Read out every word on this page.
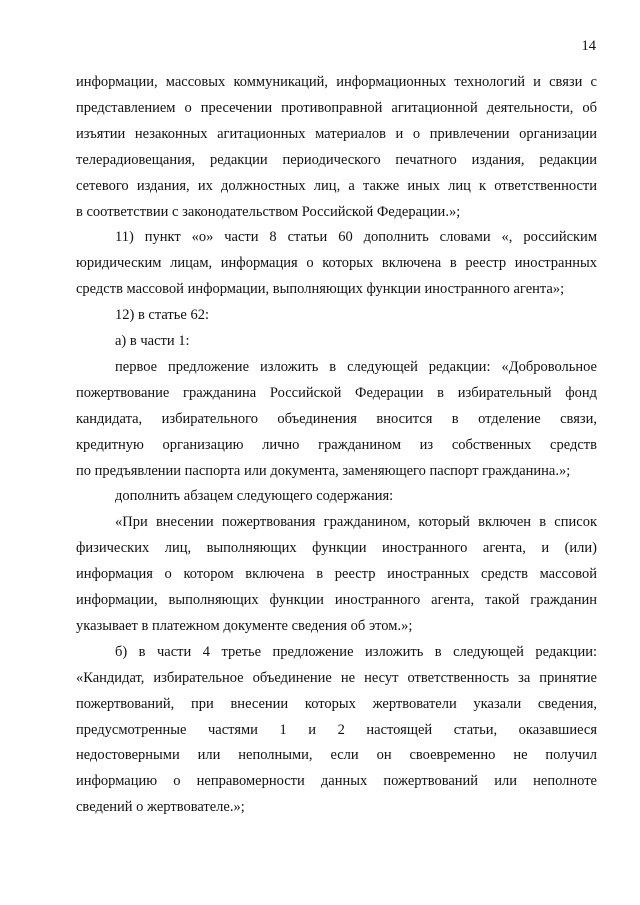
14
информации, массовых коммуникаций, информационных технологий и связи с
представлением о пресечении противоправной агитационной деятельности, об
изъятии незаконных агитационных материалов и о привлечении организации
телерадиовещания, редакции периодического печатного издания, редакции
сетевого издания, их должностных лиц, а также иных лиц к ответственности
в соответствии с законодательством Российской Федерации.»;
11) пункт «о» части 8 статьи 60 дополнить словами «, российским
юридическим лицам, информация о которых включена в реестр иностранных
средств массовой информации, выполняющих функции иностранного агента»;
12) в статье 62:
а) в части 1:
первое предложение изложить в следующей редакции: «Добровольное
пожертвование гражданина Российской Федерации в избирательный фонд
кандидата, избирательного объединения вносится в отделение связи,
кредитную организацию лично гражданином из собственных средств
по предъявлении паспорта или документа, заменяющего паспорт гражданина.»;
дополнить абзацем следующего содержания:
«При внесении пожертвования гражданином, который включен в список
физических лиц, выполняющих функции иностранного агента, и (или)
информация о котором включена в реестр иностранных средств массовой
информации, выполняющих функции иностранного агента, такой гражданин
указывает в платежном документе сведения об этом.»;
б) в части 4 третье предложение изложить в следующей редакции:
«Кандидат, избирательное объединение не несут ответственность за принятие
пожертвований, при внесении которых жертвователи указали сведения,
предусмотренные частями 1 и 2 настоящей статьи, оказавшиеся
недостоверными или неполными, если он своевременно не получил
информацию о неправомерности данных пожертвований или неполноте
сведений о жертвователе.»;
